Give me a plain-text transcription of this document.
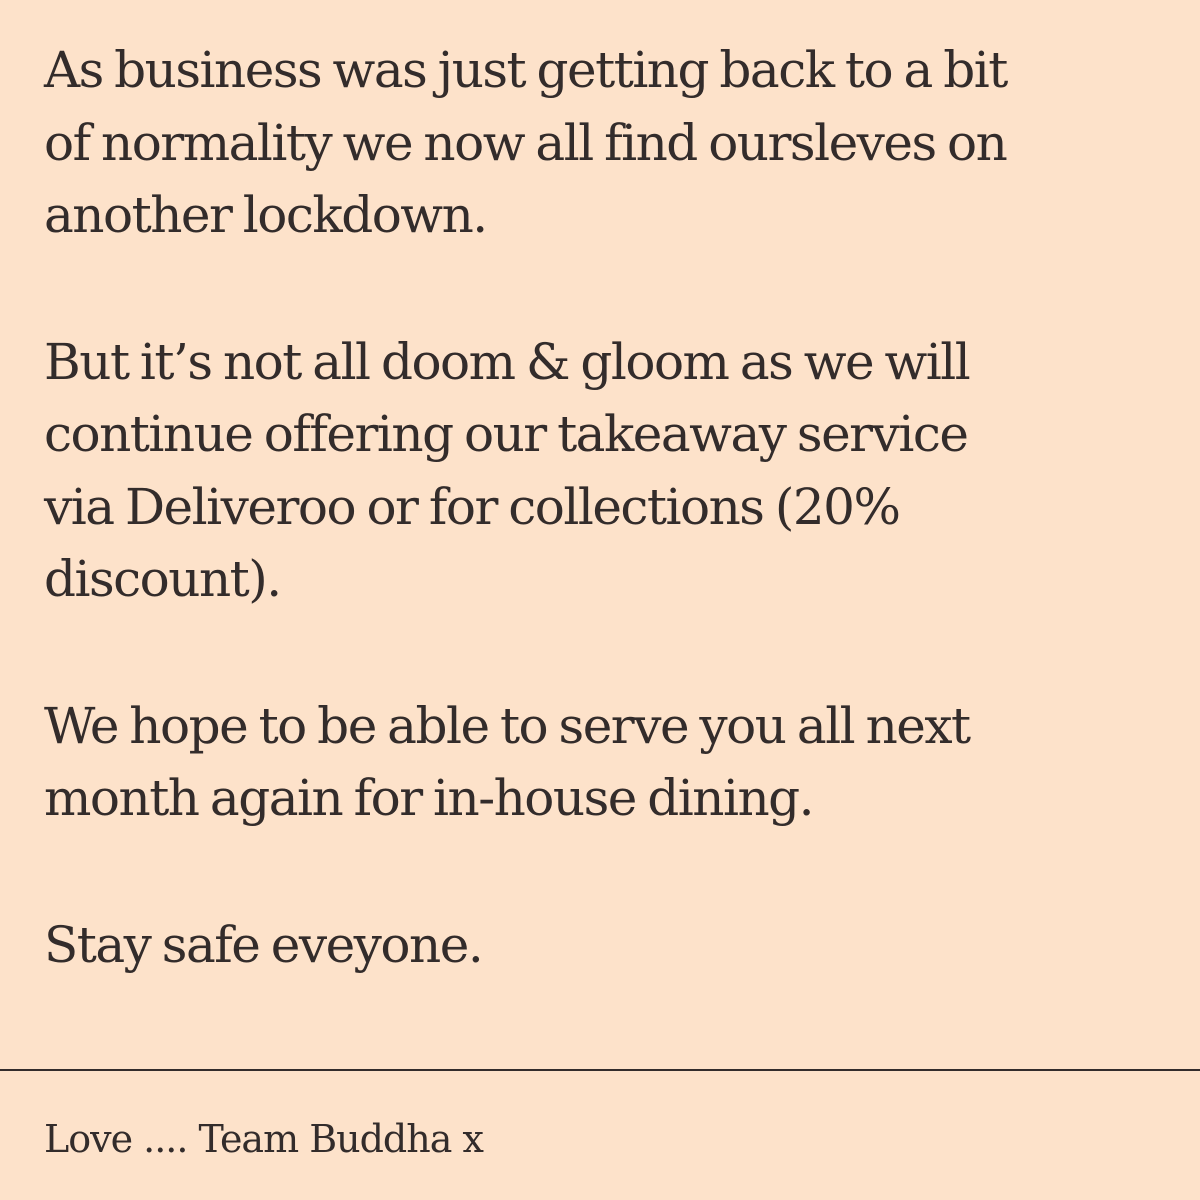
As business was just getting back to a bit
of normality we now all find oursleves on
another lockdown.

But it’s not all doom & gloom as we will
continue offering our takeaway service
via Deliveroo or for collections (20%
discount).

We hope to be able to serve you all next
month again for in-house dining.

Stay safe eveyone.

Love .... Team Buddha x
